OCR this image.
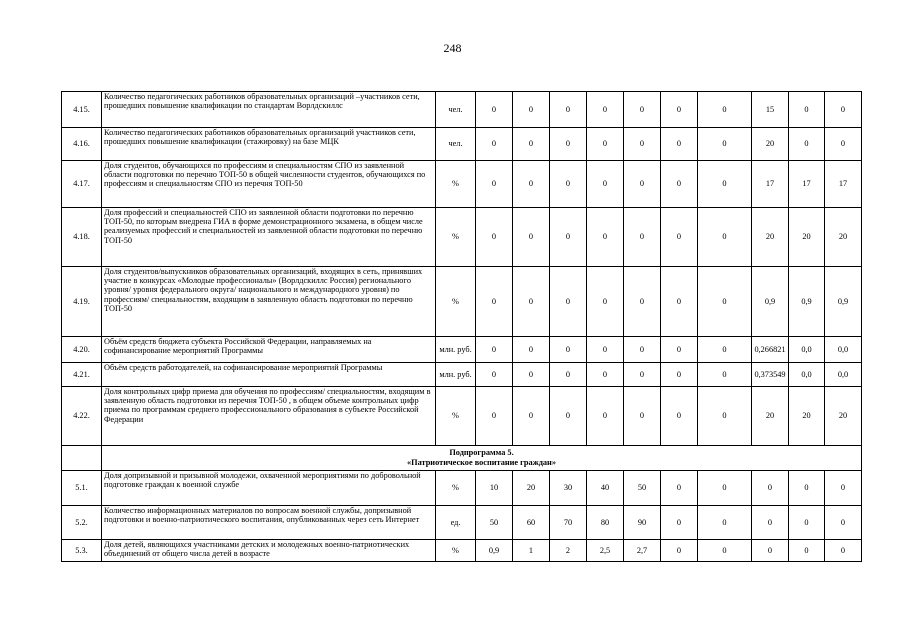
248
4.15.	Количество педагогических работников образовательных организаций –участников сети, прошедших повышение квалификации по стандартам Ворлдскиллс	чел.	0	0	0	0	0	0	0	15	0	0
4.16.	Количество педагогических работников образовательных организаций участников сети, прошедших повышение квалификации (стажировку) на базе МЦК	чел.	0	0	0	0	0	0	0	20	0	0
4.17.	Доля студентов, обучающихся по профессиям и специальностям СПО из заявленной области подготовки по перечню ТОП-50 в общей численности студентов, обучающихся по профессиям и специальностям СПО из перечня ТОП-50	%	0	0	0	0	0	0	0	17	17	17
4.18.	Доля профессий и специальностей СПО из заявленной области подготовки по перечню ТОП-50, по которым внедрена ГИА в форме демонстрационного экзамена, в общем числе реализуемых профессий и специальностей из заявленной области подготовки по перечню ТОП-50	%	0	0	0	0	0	0	0	20	20	20
4.19.	Доля студентов/выпускников образовательных организаций, входящих в сеть, принявших участие в конкурсах «Молодые профессионалы» (Ворлдскиллс Россия) региональногo уровня/ уровня федерального округа/ национального и международного уровня) по профессиям/ специальностям, входящим в заявленную область подготовки по перечню ТОП-50	%	0	0	0	0	0	0	0	0,9	0,9	0,9
4.20.	Объём средств бюджета субъекта Российской Федерации, направляемых на софинансирование мероприятий Программы	млн. руб.	0	0	0	0	0	0	0	0,266821	0,0	0,0
4.21.	Объём средств работодателей, на софинансирование мероприятий Программы	млн. руб.	0	0	0	0	0	0	0	0,373549	0,0	0,0
4.22.	Доля контрольных цифр приема для обучения по профессиям/ специальностям, входящим в заявленную область подготовки из перечня ТОП-50 , в общем объеме контрольных цифр приема по программам среднего профессионального образования в субъекте Российской Федерации	%	0	0	0	0	0	0	0	20	20	20

	Подпрограмма 5.
«Патриотическое воспитание граждан»											

5.1.	Доля допризывной и призывной молодежи, охваченной мероприятиями по добровольной подготовке граждан к военной службе	%	10	20	30	40	50	0	0	0	0	0
5.2.	Количество информационных материалов по вопросам военной службы, допризывной подготовки и военно-патриотического воспитания, опубликованных через сеть Интернет	ед.	50	60	70	80	90	0	0	0	0	0
5.3.	Доля детей, являющихся участниками детских и молодежных военно-патриотических объединений от общего числа детей в возрасте	%	0,9	1	2	2,5	2,7	0	0	0	0	0
